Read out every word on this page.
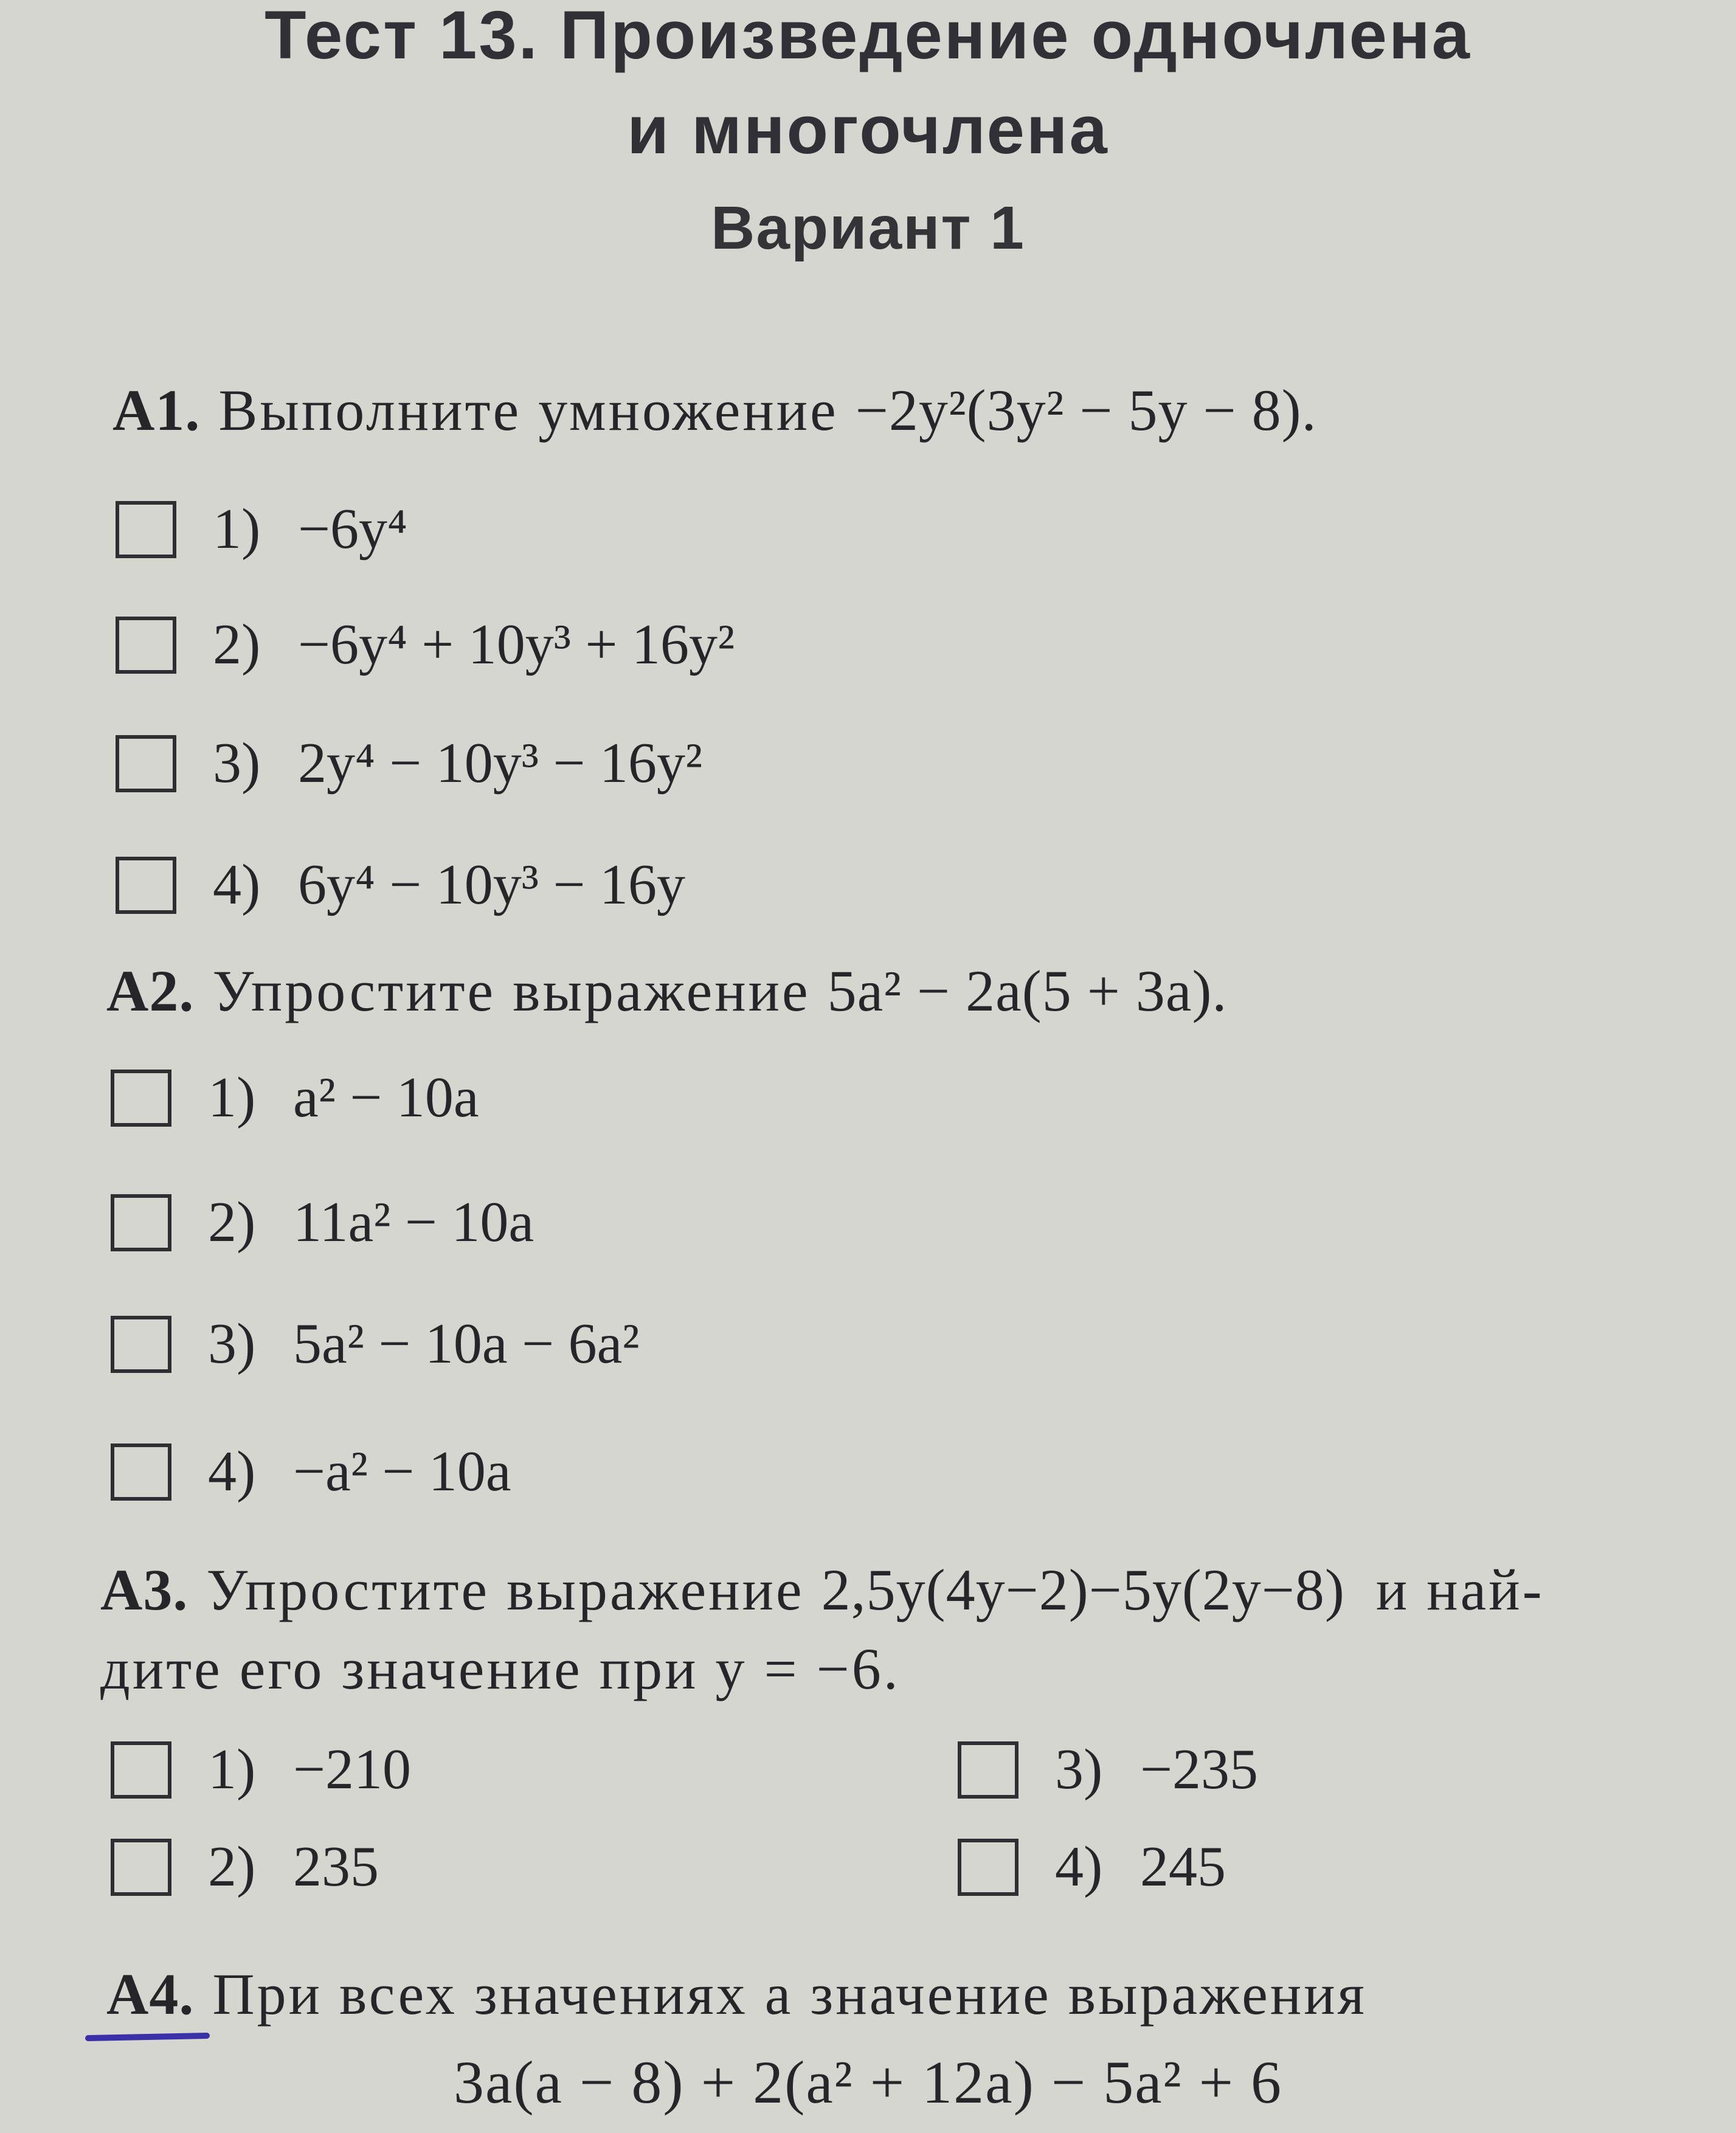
Тест 13. Произведение одночлена
и многочлена
Вариант 1
А1. Выполните умножение −2y²(3y² − 5y − 8).
1) −6y⁴
2) −6y⁴ + 10y³ + 16y²
3) 2y⁴ − 10y³ − 16y²
4) 6y⁴ − 10y³ − 16y
А2. Упростите выражение 5a² − 2a(5 + 3a).
1) a² − 10a
2) 11a² − 10a
3) 5a² − 10a − 6a²
4) −a² − 10a
А3. Упростите выражение 2,5y(4y−2)−5y(2y−8) и най-
дите его значение при y = −6.
1) −210
2) 235
3) −235
4) 245
А4. При всех значениях a значение выражения
3a(a − 8) + 2(a² + 12a) − 5a² + 6
